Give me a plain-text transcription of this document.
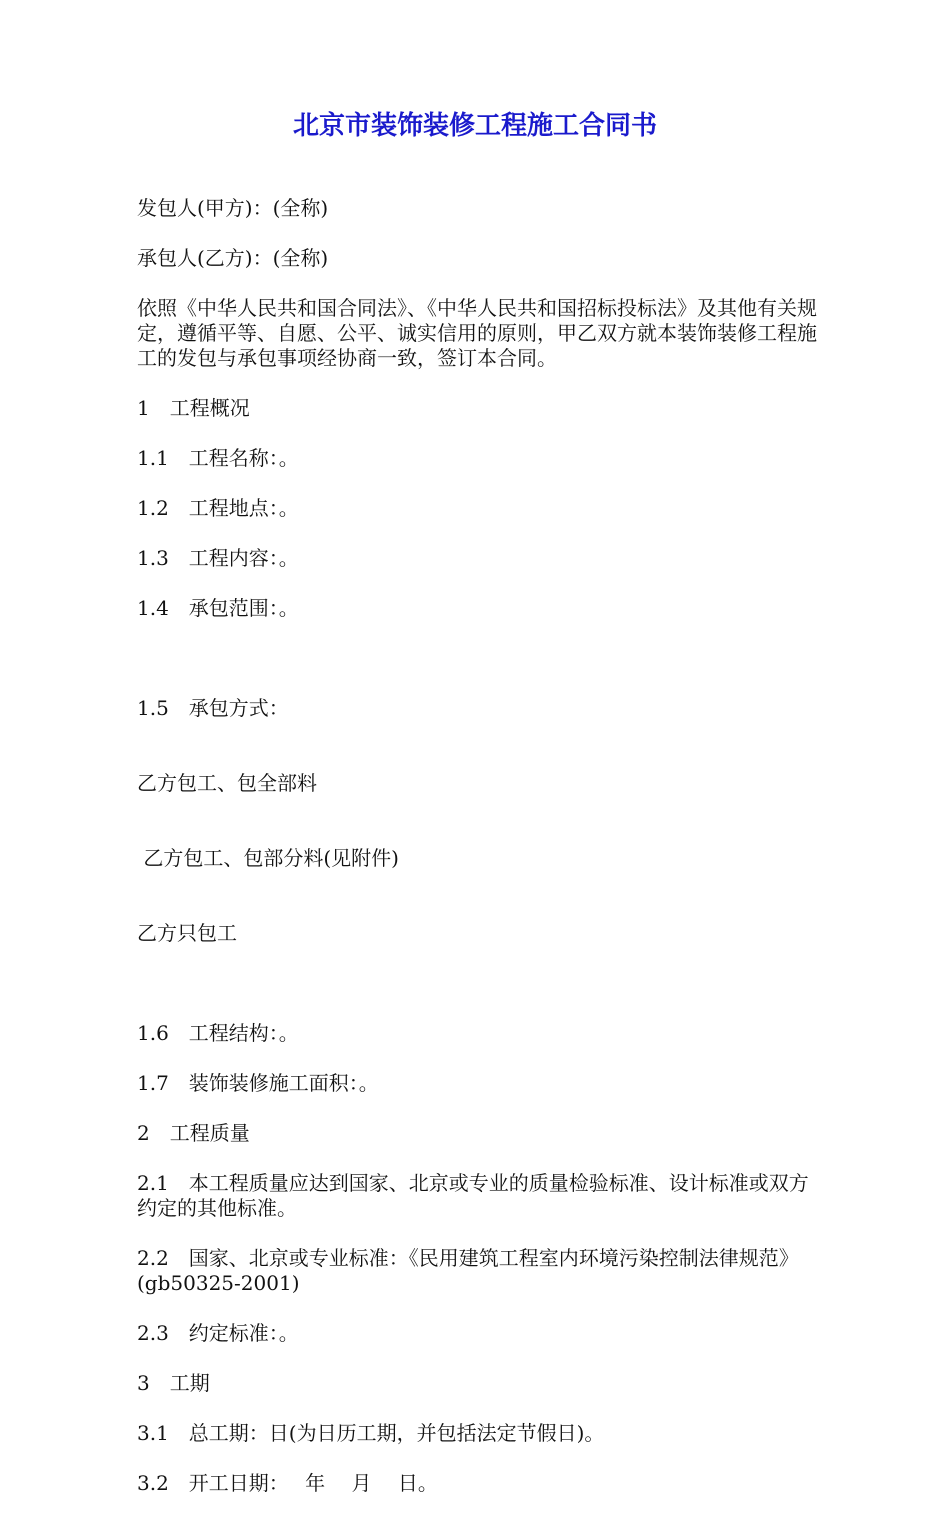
北京市装饰装修工程施工合同书

发包人(甲方)：(全称)

承包人(乙方)：(全称)

依照《中华人民共和国合同法》、《中华人民共和国招标投标法》及其他有关规定，遵循平等、自愿、公平、诚实信用的原则，甲乙双方就本装饰装修工程施工的发包与承包事项经协商一致，签订本合同。

1　工程概况

1.1　工程名称：。

1.2　工程地点：。

1.3　工程内容：。

1.4　承包范围：。

1.5　承包方式：

乙方包工、包全部料

乙方包工、包部分料(见附件)

乙方只包工

1.6　工程结构：。

1.7　装饰装修施工面积：。

2　工程质量

2.1　本工程质量应达到国家、北京或专业的质量检验标准、设计标准或双方约定的其他标准。

2.2　国家、北京或专业标准：《民用建筑工程室内环境污染控制法律规范》(gb50325-2001)

2.3　约定标准：。

3　工期

3.1　总工期：日(为日历工期，并包括法定节假日)。

3.2　开工日期：　 年　 月　 日。
